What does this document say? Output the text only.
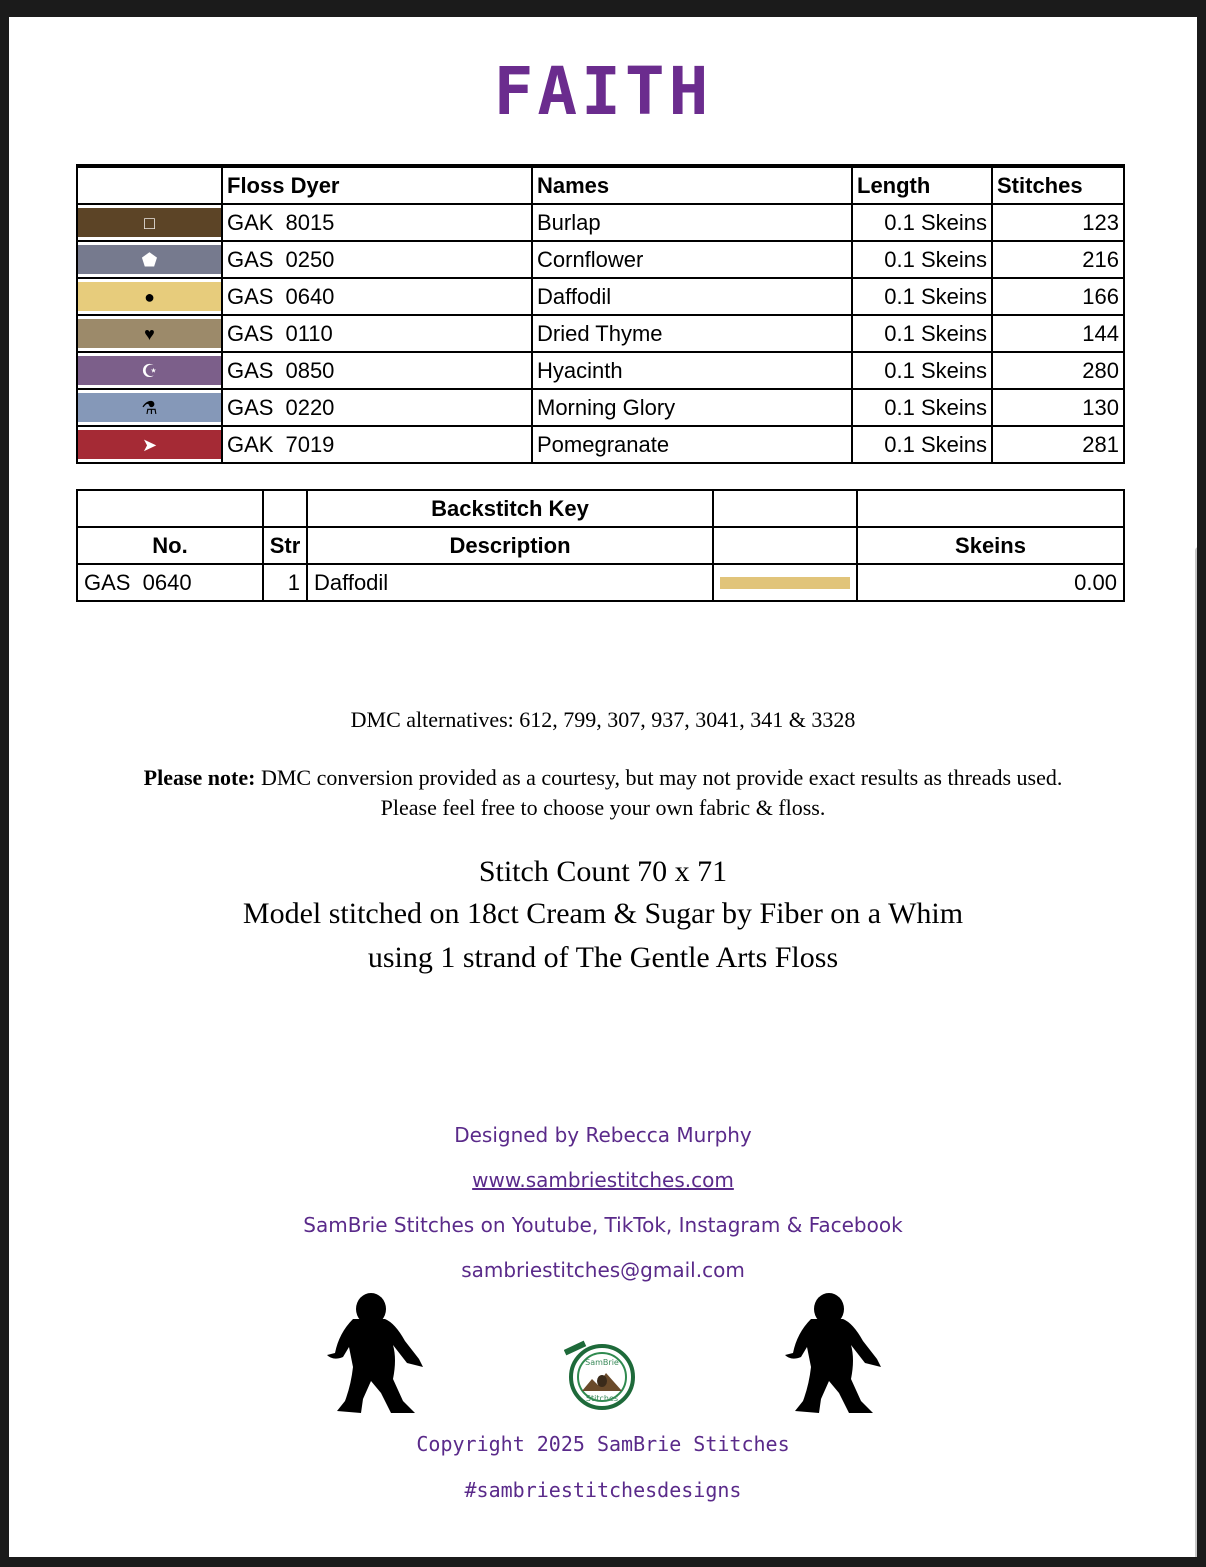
FAITH
	Floss Dyer	Names	Length	Stitches

□	GAK 8015	Burlap	0.1 Skeins	123

⬟	GAS 0250	Cornflower	0.1 Skeins	216

●	GAS 0640	Daffodil	0.1 Skeins	166

♥	GAS 0110	Dried Thyme	0.1 Skeins	144

☪	GAS 0850	Hyacinth	0.1 Skeins	280

⚗	GAS 0220	Morning Glory	0.1 Skeins	130

➤	GAK 7019	Pomegranate	0.1 Skeins	281
		Backstitch Key		
No.	Str	Description		Skeins
GAS  0640	1	Daffodil		0.00
DMC alternatives: 612, 799, 307, 937, 3041, 341 & 3328
Please note: DMC conversion provided as a courtesy, but may not provide exact results as threads used.
Please feel free to choose your own fabric & floss.
Stitch Count 70 x 71
Model stitched on 18ct Cream & Sugar by Fiber on a Whim
using 1 strand of The Gentle Arts Floss
Designed by Rebecca Murphy
www.sambriestitches.com
SamBrie Stitches on Youtube, TikTok, Instagram & Facebook
sambriestitches@gmail.com
SamBrie
Stitches
Copyright 2025 SamBrie Stitches
#sambriestitchesdesigns
